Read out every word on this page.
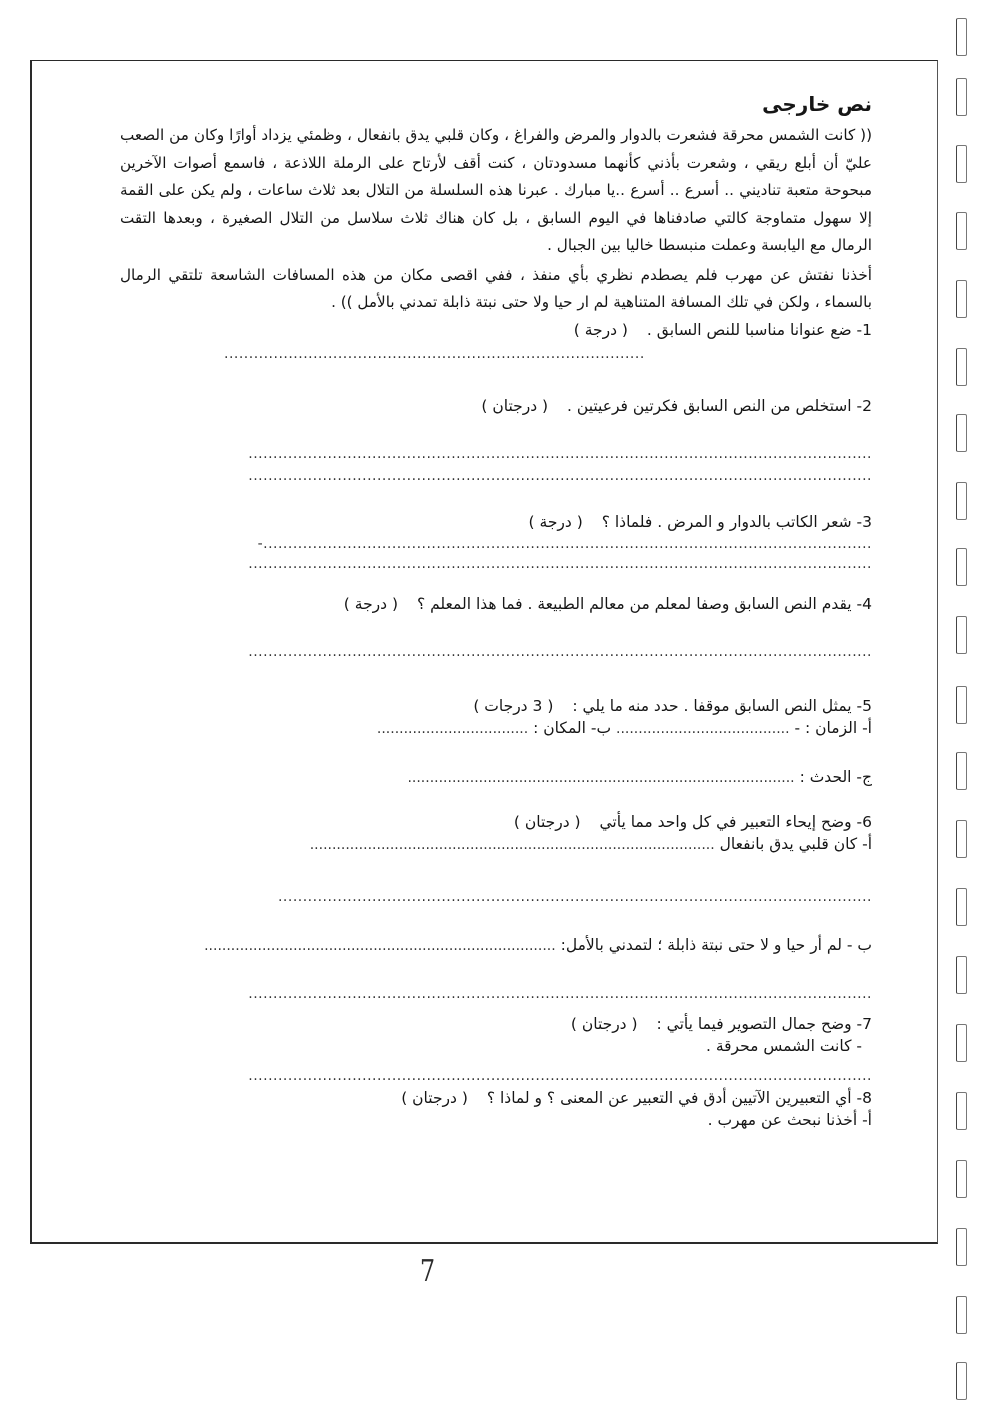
نص خارجى

(( كانت الشمس محرقة فشعرت بالدوار والمرض والفراغ ، وكان قلبي يدق بانفعال ، وظمئي يزداد أوارًا وكان من الصعب عليّ أن أبلع ريقي ، وشعرت بأذني كأنهما مسدودتان ، كنت أقف لأرتاح على الرملة اللاذعة ، فاسمع أصوات الآخرين مبحوحة متعبة تناديني .. أسرع .. أسرع ..يا مبارك . عبرنا هذه السلسلة من التلال بعد ثلاث ساعات ، ولم يكن على القمة إلا سهول متماوجة كالتي صادفناها في اليوم السابق ، بل كان هناك ثلاث سلاسل من التلال الصغيرة ، وبعدها التقت الرمال مع اليابسة وعملت منبسطا خاليا بين الجبال .

أخذنا نفتش عن مهرب فلم يصطدم نظري بأي منفذ ، ففي اقصى مكان من هذه المسافات الشاسعة تلتقي الرمال بالسماء ، ولكن في تلك المسافة المتناهية لم ار حيا ولا حتى نبتة ذابلة تمدني بالأمل )) .

1- ضع عنوانا مناسبا للنص السابق . ( درجة )
.....................................................................................
2- استخلص من النص السابق فكرتين فرعيتين . ( درجتان )
..............................................................................................................................
..............................................................................................................................
3- شعر الكاتب بالدوار و المرض . فلماذا ؟ ( درجة )
-...........................................................................................................................
..............................................................................................................................
4- يقدم النص السابق وصفا لمعلم من معالم الطبيعة . فما هذا المعلم ؟ ( درجة )
..............................................................................................................................
5- يمثل النص السابق موقفا . حدد منه ما يلي : ( 3 درجات )
أ- الزمان : - ....................................... ب- المكان : ..................................
ج- الحدث : .......................................................................................
6- وضح إيحاء التعبير في كل واحد مما يأتي ( درجتان )
أ- كان قلبي يدق بانفعال ...........................................................................................
........................................................................................................................
ب - لم أر حيا و لا حتى نبتة ذابلة ؛ لتمدني بالأمل: ...............................................................................
..............................................................................................................................
7- وضح جمال التصوير فيما يأتي : ( درجتان )
- كانت الشمس محرقة .
..............................................................................................................................
8- أي التعبيرين الآتيين أدق في التعبير عن المعنى ؟ و لماذا ؟ ( درجتان )
أ- أخذنا نبحث عن مهرب .
7
